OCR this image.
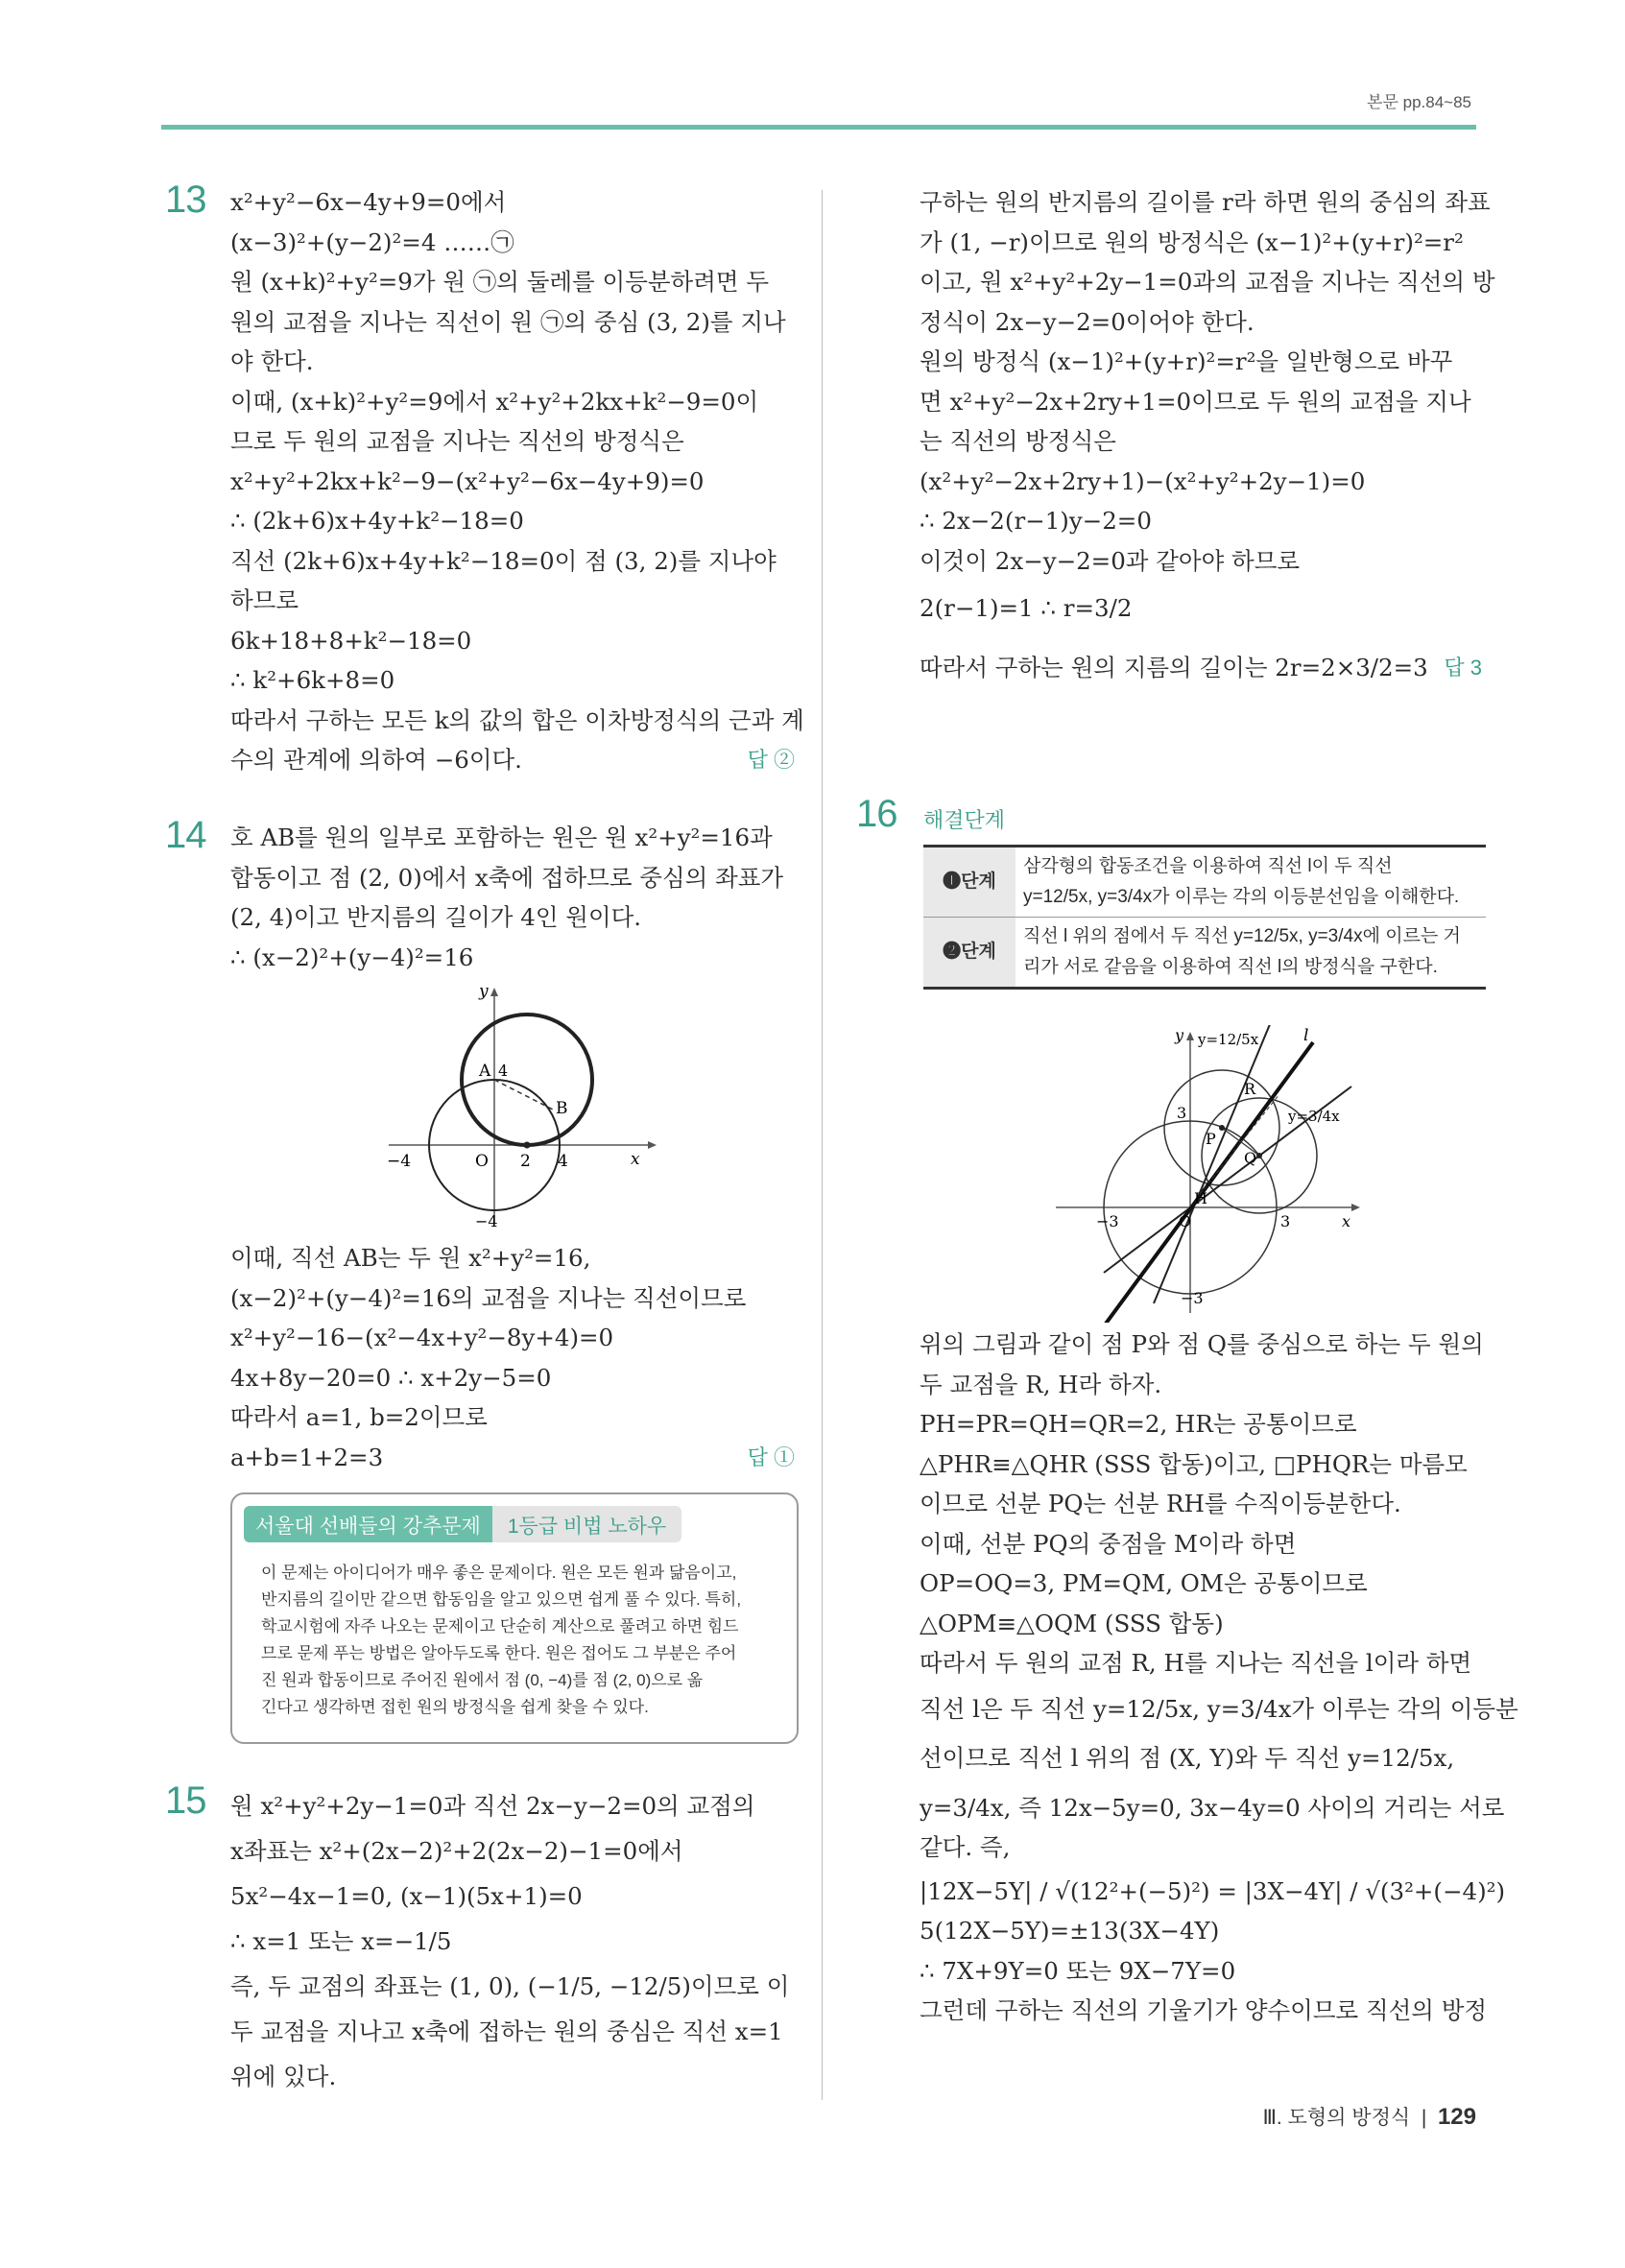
본문 pp.84~85
13 x²+y²−6x−4y+9=0에서
(x−3)²+(y−2)²=4 ……㉠
원 (x+k)²+y²=9가 원 ㉠의 둘레를 이등분하려면 두
원의 교점을 지나는 직선이 원 ㉠의 중심 (3, 2)를 지나
야 한다.
이때, (x+k)²+y²=9에서 x²+y²+2kx+k²−9=0이
므로 두 원의 교점을 지나는 직선의 방정식은
x²+y²+2kx+k²−9−(x²+y²−6x−4y+9)=0
∴ (2k+6)x+4y+k²−18=0
직선 (2k+6)x+4y+k²−18=0이 점 (3, 2)를 지나야
하므로
6k+18+8+k²−18=0
∴ k²+6k+8=0
따라서 구하는 모든 k의 값의 합은 이차방정식의 근과 계
수의 관계에 의하여 −6이다.	답 ②
14 호 AB를 원의 일부로 포함하는 원은 원 x²+y²=16과
합동이고 점 (2, 0)에서 x축에 접하므로 중심의 좌표가
(2, 4)이고 반지름의 길이가 4인 원이다.
∴ (x−2)²+(y−4)²=16
−4	O 2 4	x
y
4
−4
A
B
이때, 직선 AB는 두 원 x²+y²=16,
(x−2)²+(y−4)²=16의 교점을 지나는 직선이므로
x²+y²−16−(x²−4x+y²−8y+4)=0
4x+8y−20=0 ∴ x+2y−5=0
따라서 a=1, b=2이므로
a+b=1+2=3	답 ①
서울대 선배들의 강추문제	1등급 비법 노하우
이 문제는 아이디어가 매우 좋은 문제이다. 원은 모든 원과 닮음이고,
반지름의 길이만 같으면 합동임을 알고 있으면 쉽게 풀 수 있다. 특히,
학교시험에 자주 나오는 문제이고 단순히 계산으로 풀려고 하면 힘드
므로 문제 푸는 방법은 알아두도록 한다. 원은 접어도 그 부분은 주어
진 원과 합동이므로 주어진 원에서 점 (0, −4)를 점 (2, 0)으로 옮
긴다고 생각하면 접힌 원의 방정식을 쉽게 찾을 수 있다.
15 원 x²+y²+2y−1=0과 직선 2x−y−2=0의 교점의
x좌표는 x²+(2x−2)²+2(2x−2)−1=0에서
5x²−4x−1=0, (x−1)(5x+1)=0
∴ x=1 또는 x=−1/5
즉, 두 교점의 좌표는 (1, 0), (−1/5, −12/5)이므로 이
두 교점을 지나고 x축에 접하는 원의 중심은 직선 x=1
위에 있다.
구하는 원의 반지름의 길이를 r라 하면 원의 중심의 좌표
가 (1, −r)이므로 원의 방정식은 (x−1)²+(y+r)²=r²
이고, 원 x²+y²+2y−1=0과의 교점을 지나는 직선의 방
정식이 2x−y−2=0이어야 한다.
원의 방정식 (x−1)²+(y+r)²=r²을 일반형으로 바꾸
면 x²+y²−2x+2ry+1=0이므로 두 원의 교점을 지나
는 직선의 방정식은
(x²+y²−2x+2ry+1)−(x²+y²+2y−1)=0
∴ 2x−2(r−1)y−2=0
이것이 2x−y−2=0과 같아야 하므로
2(r−1)=1 ∴ r=3/2
따라서 구하는 원의 지름의 길이는 2r=2×3/2=3 답 3
16 해결단계
❶단계	삼각형의 합동조건을 이용하여 직선 l이 두 직선
y=12/5x, y=3/4x가 이루는 각의 이등분선임을 이해한다.

❷단계	직선 l 위의 점에서 두 직선 y=12/5x, y=3/4x에 이르는 거
리가 서로 같음을 이용하여 직선 l의 방정식을 구한다.
−3	O	3
3
−3
x
y y=12/5x
y=3/4x
l
R
P
Q
H
위의 그림과 같이 점 P와 점 Q를 중심으로 하는 두 원의
두 교점을 R, H라 하자.
PH=PR=QH=QR=2, HR는 공통이므로
△PHR≡△QHR (SSS 합동)이고, □PHQR는 마름모
이므로 선분 PQ는 선분 RH를 수직이등분한다.
이때, 선분 PQ의 중점을 M이라 하면
OP=OQ=3, PM=QM, OM은 공통이므로
△OPM≡△OQM (SSS 합동)
따라서 두 원의 교점 R, H를 지나는 직선을 l이라 하면
직선 l은 두 직선 y=12/5x, y=3/4x가 이루는 각의 이등분
선이므로 직선 l 위의 점 (X, Y)와 두 직선 y=12/5x,
y=3/4x, 즉 12x−5y=0, 3x−4y=0 사이의 거리는 서로
같다. 즉,
|12X−5Y| / √(12²+(−5)²) = |3X−4Y| / √(3²+(−4)²)
5(12X−5Y)=±13(3X−4Y)
∴ 7X+9Y=0 또는 9X−7Y=0
그런데 구하는 직선의 기울기가 양수이므로 직선의 방정
Ⅲ. 도형의 방정식  |  129
